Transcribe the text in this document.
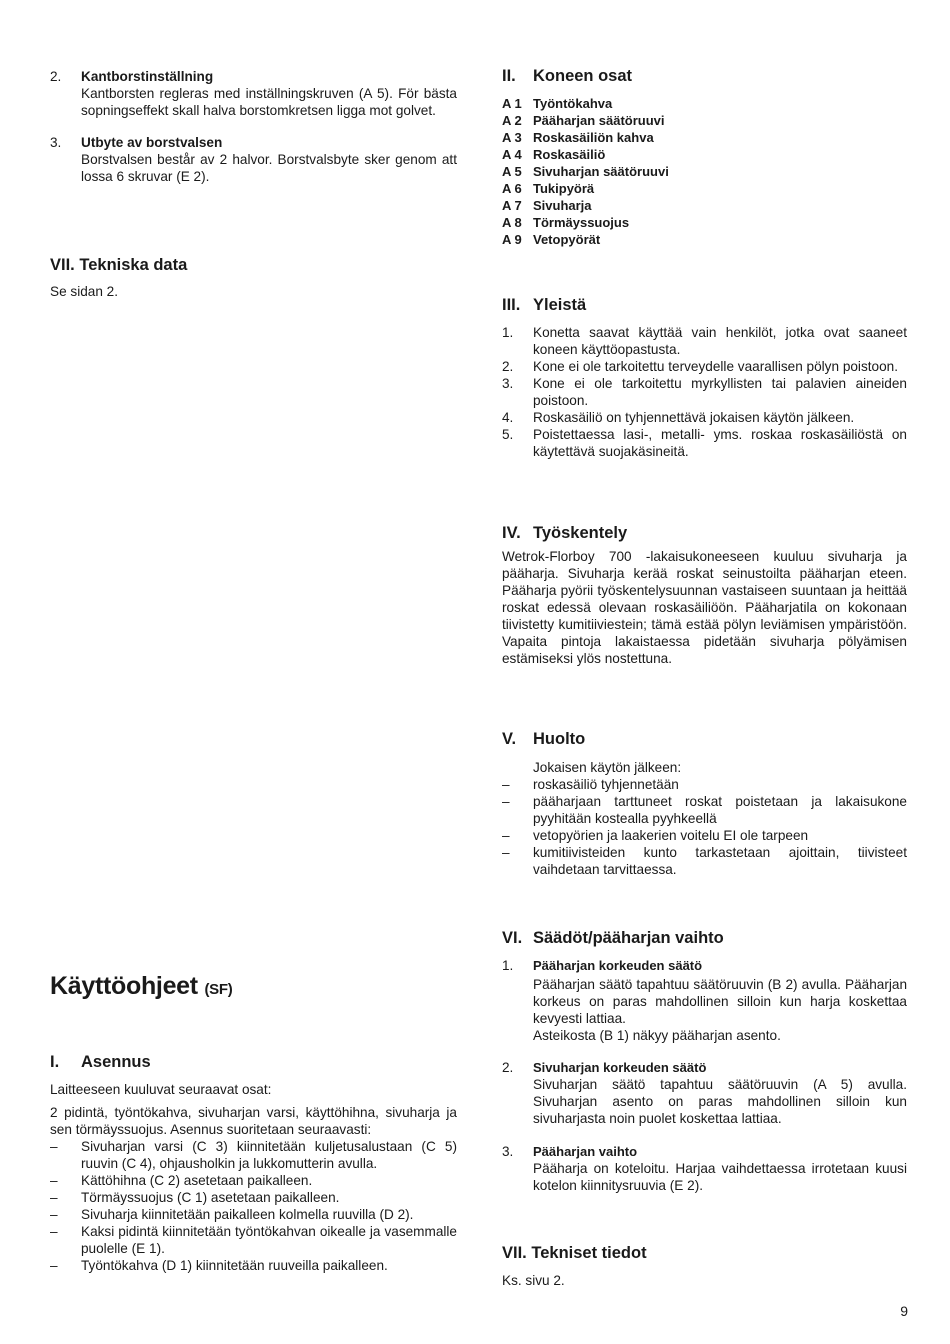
2. Kantborstinställning
Kantborsten regleras med inställningskruven (A 5). För bästa sopningseffekt skall halva borstomkretsen ligga mot golvet.
3. Utbyte av borstvalsen
Borstvalsen består av 2 halvor. Borstvalsbyte sker genom att lossa 6 skruvar (E 2).
VII. Tekniska data
Se sidan 2.
Käyttöohjeet (SF)
I. Asennus
Laitteeseen kuuluvat seuraavat osat:
2 pidintä, työntökahva, sivuharjan varsi, käyttöhihna, sivuharja ja sen törmäyssuojus. Asennus suoritetaan seuraavasti:
– Sivuharjan varsi (C 3) kiinnitetään kuljetusalustaan (C 5) ruuvin (C 4), ohjausholkin ja lukkomutterin avulla.
– Kättöhihna (C 2) asetetaan paikalleen.
– Törmäyssuojus (C 1) asetetaan paikalleen.
– Sivuharja kiinnitetään paikalleen kolmella ruuvilla (D 2).
– Kaksi pidintä kiinnitetään työntökahvan oikealle ja vasemmalle puolelle (E 1).
– Työntökahva (D 1) kiinnitetään ruuveilla paikalleen.
II. Koneen osat
A 1 Työntökahva
A 2 Pääharjan säätöruuvi
A 3 Roskasäiliön kahva
A 4 Roskasäiliö
A 5 Sivuharjan säätöruuvi
A 6 Tukipyörä
A 7 Sivuharja
A 8 Törmäyssuojus
A 9 Vetopyörät
III. Yleistä
1. Konetta saavat käyttää vain henkilöt, jotka ovat saaneet koneen käyttöopastusta.
2. Kone ei ole tarkoitettu terveydelle vaarallisen pölyn poistoon.
3. Kone ei ole tarkoitettu myrkyllisten tai palavien aineiden poistoon.
4. Roskasäiliö on tyhjennettävä jokaisen käytön jälkeen.
5. Poistettaessa lasi-, metalli- yms. roskaa roskasäiliöstä on käytettävä suojakäsineitä.
IV. Työskentely
Wetrok-Florboy 700 -lakaisukoneeseen kuuluu sivuharja ja pääharja. Sivuharja kerää roskat seinustoilta pääharjan eteen. Pääharja pyörii työskentelysuunnan vastaiseen suuntaan ja heittää roskat edessä olevaan roskasäiliöön. Pääharjatila on kokonaan tiivistetty kumitiiviestein; tämä estää pölyn leviämisen ympäristöön. Vapaita pintoja lakaistaessa pidetään sivuharja pölyämisen estämiseksi ylös nostettuna.
V. Huolto
Jokaisen käytön jälkeen:
– roskasäiliö tyhjennetään
– pääharjaan tarttuneet roskat poistetaan ja lakaisukone pyyhitään kostealla pyyhkeellä
– vetopyörien ja laakerien voitelu EI ole tarpeen
– kumitiivisteiden kunto tarkastetaan ajoittain, tiivisteet vaihdetaan tarvittaessa.
VI. Säädöt/pääharjan vaihto
1. Pääharjan korkeuden säätö
Pääharjan säätö tapahtuu säätöruuvin (B 2) avulla. Pääharjan korkeus on paras mahdollinen silloin kun harja koskettaa kevyesti lattiaa.
Asteikosta (B 1) näkyy pääharjan asento.
2. Sivuharjan korkeuden säätö
Sivuharjan säätö tapahtuu säätöruuvin (A 5) avulla. Sivuharjan asento on paras mahdollinen silloin kun sivuharjasta noin puolet koskettaa lattiaa.
3. Pääharjan vaihto
Pääharja on koteloitu. Harjaa vaihdettaessa irrotetaan kuusi kotelon kiinnitysruuvia (E 2).
VII. Tekniset tiedot
Ks. sivu 2.
9
